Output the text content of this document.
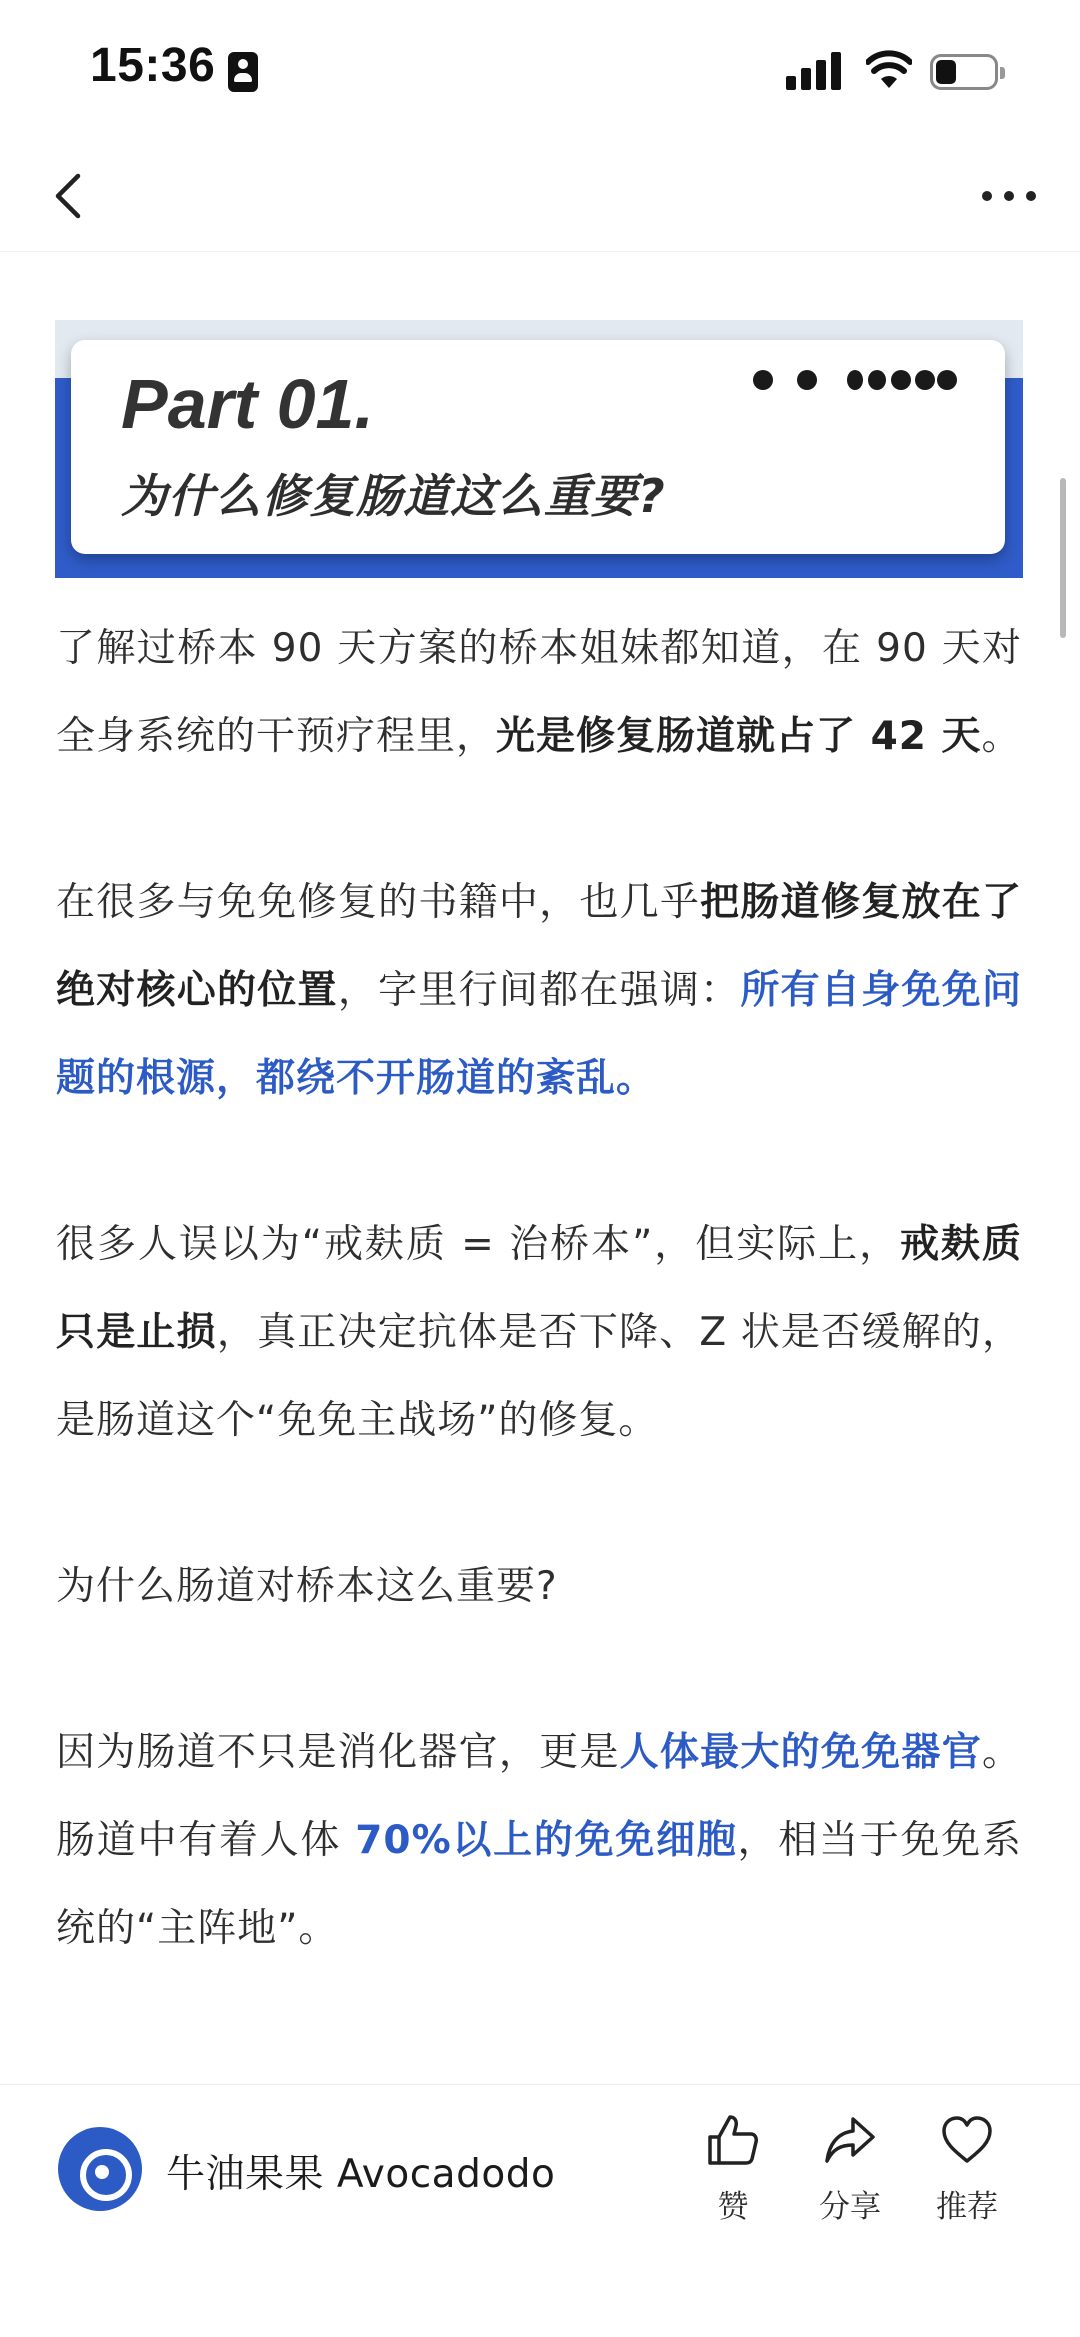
15:36
Part 01.
为什么修复肠道这么重要?

了解过桥本 90 天方案的桥本姐妹都知道，在 90 天对全身系统的干预疗程里，光是修复肠道就占了 42 天。

在很多与免免修复的书籍中，也几乎把肠道修复放在了绝对核心的位置，字里行间都在强调：所有自身免免问题的根源，都绕不开肠道的紊乱。

很多人误以为“戒麸质 = 治桥本”，但实际上，戒麸质只是止损，真正决定抗体是否下降、Z 状是否缓解的，是肠道这个“免免主战场”的修复。

为什么肠道对桥本这么重要?

因为肠道不只是消化器官，更是人体最大的免免器官。肠道中有着人体 70%以上的免免细胞，相当于免免系统的“主阵地”。

牛油果果 Avocadodo
赞	分享	推荐
